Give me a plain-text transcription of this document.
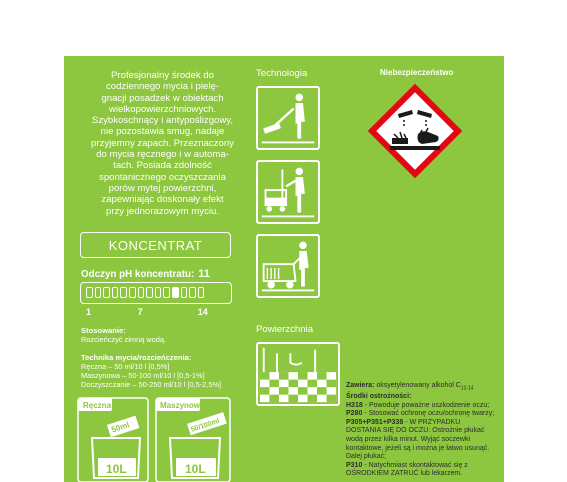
Profesjonalny środek do
codziennego mycia i pielę-
gnacji posadzek w obiektach
wielkopowierzchniowych.
Szybkoschnący i antypoślizgowy,
nie pozostawia smug, nadaje
przyjemny zapach. Przeznaczony
do mycia ręcznego i w automa-
tach. Posiada zdolność
spontanicznego oczyszczania
porów mytej powierzchni,
zapewniając doskonały efekt
przy jednorazowym myciu.
KONCENTRAT
Odczyn pH koncentratu: 11
1	7	14
Stosowanie:
Rozcieńczyć zimną wodą.
Technika mycia/rozcieńczenia:
Ręczna – 50 ml/10 l [0,5%]
Maszynowa – 50-100 ml/10 l [0,5-1%]
Doczyszczanie – 50-250 ml/10 l [0,5-2,5%]
Ręczna
50ml
10L
Maszynowa
50/100ml
10L
Technologia
Powierzchnia
Niebezpieczeństwo
Zawiera: oksyetylenowany alkohol $C_{12-14}$
Środki ostrożności:
H318 - Powoduje poważne uszkodzenie oczu;
P280 - Stosować ochronę oczu/ochronę twarzy;
P305+P351+P338 - W PRZYPADKU DOSTANIA SIĘ DO OCZU: Ostrożnie płukać wodą przez kilka minut. Wyjąć soczewki kontaktowe, jeżeli są i można je łatwo usunąć. Dalej płukać;
P310 - Natychmiast skontaktować się z OŚRODKIEM ZATRUĆ lub lekarzem.
